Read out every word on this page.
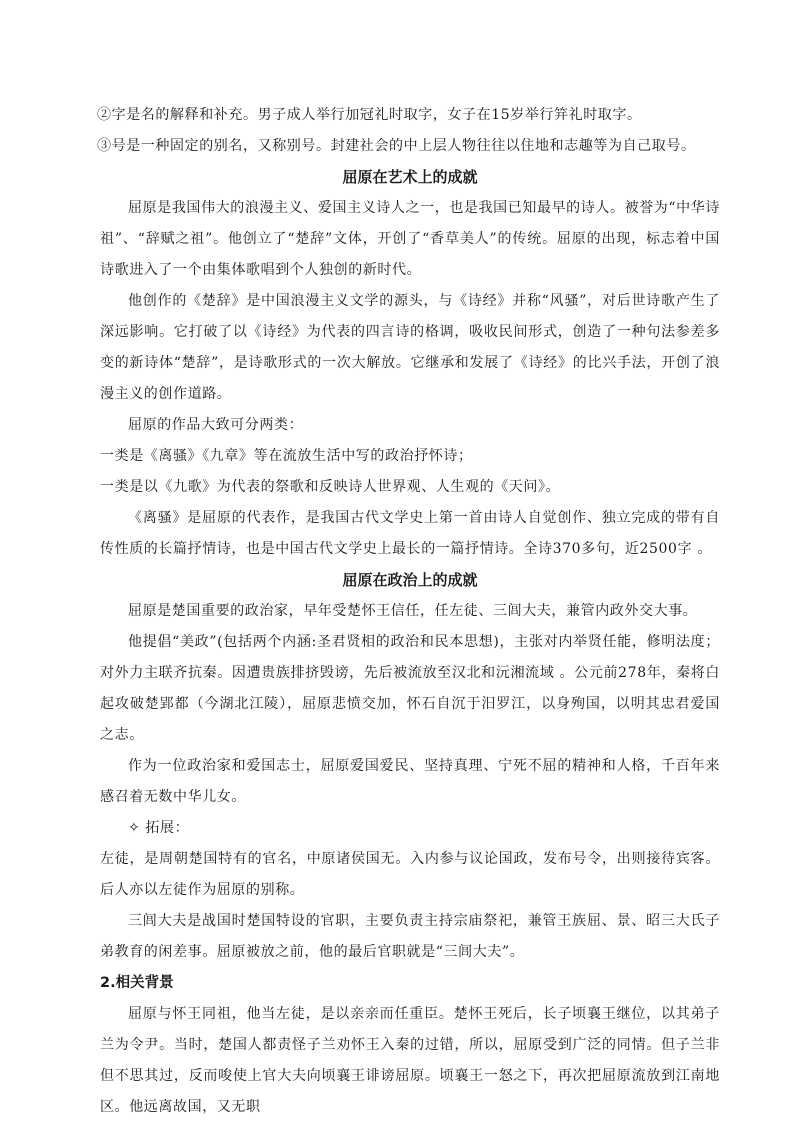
②字是名的解释和补充。男子成人举行加冠礼时取字，女子在15岁举行笄礼时取字。

③号是一种固定的别名，又称别号。封建社会的中上层人物往往以住地和志趣等为自己取号。

屈原在艺术上的成就

屈原是我国伟大的浪漫主义、爱国主义诗人之一，也是我国已知最早的诗人。被誉为“中华诗祖”、“辞赋之祖”。他创立了“楚辞”文体，开创了“香草美人”的传统。屈原的出现，标志着中国诗歌进入了一个由集体歌唱到个人独创的新时代。

他创作的《楚辞》是中国浪漫主义文学的源头，与《诗经》并称“风骚”，对后世诗歌产生了深远影响。它打破了以《诗经》为代表的四言诗的格调，吸收民间形式，创造了一种句法参差多变的新诗体“楚辞”，是诗歌形式的一次大解放。它继承和发展了《诗经》的比兴手法，开创了浪漫主义的创作道路。

屈原的作品大致可分两类：

一类是《离骚》《九章》等在流放生活中写的政治抒怀诗；

一类是以《九歌》为代表的祭歌和反映诗人世界观、人生观的《天问》。

《离骚》是屈原的代表作，是我国古代文学史上第一首由诗人自觉创作、独立完成的带有自传性质的长篇抒情诗，也是中国古代文学史上最长的一篇抒情诗。全诗370多句，近2500字 。

屈原在政治上的成就

屈原是楚国重要的政治家，早年受楚怀王信任，任左徒、三闾大夫，兼管内政外交大事。

他提倡“美政”(包括两个内涵:圣君贤相的政治和民本思想)，主张对内举贤任能，修明法度；对外力主联齐抗秦。因遭贵族排挤毁谤，先后被流放至汉北和沅湘流域 。公元前278年，秦将白起攻破楚郢都（今湖北江陵），屈原悲愤交加，怀石自沉于汨罗江，以身殉国，以明其忠君爱国之志。

作为一位政治家和爱国志士，屈原爱国爱民、坚持真理、宁死不屈的精神和人格，千百年来感召着无数中华儿女。

✧ 拓展：

左徒，是周朝楚国特有的官名，中原诸侯国无。入内参与议论国政，发布号令，出则接待宾客。后人亦以左徒作为屈原的别称。

三闾大夫是战国时楚国特设的官职，主要负责主持宗庙祭祀，兼管王族屈、景、昭三大氏子弟教育的闲差事。屈原被放之前，他的最后官职就是“三闾大夫”。

2.相关背景

屈原与怀王同祖，他当左徒，是以亲亲而任重臣。楚怀王死后，长子顷襄王继位，以其弟子兰为令尹。当时，楚国人都责怪子兰劝怀王入秦的过错，所以，屈原受到广泛的同情。但子兰非但不思其过，反而唆使上官大夫向顷襄王诽谤屈原。顷襄王一怒之下，再次把屈原流放到江南地区。他远离故国，又无职
